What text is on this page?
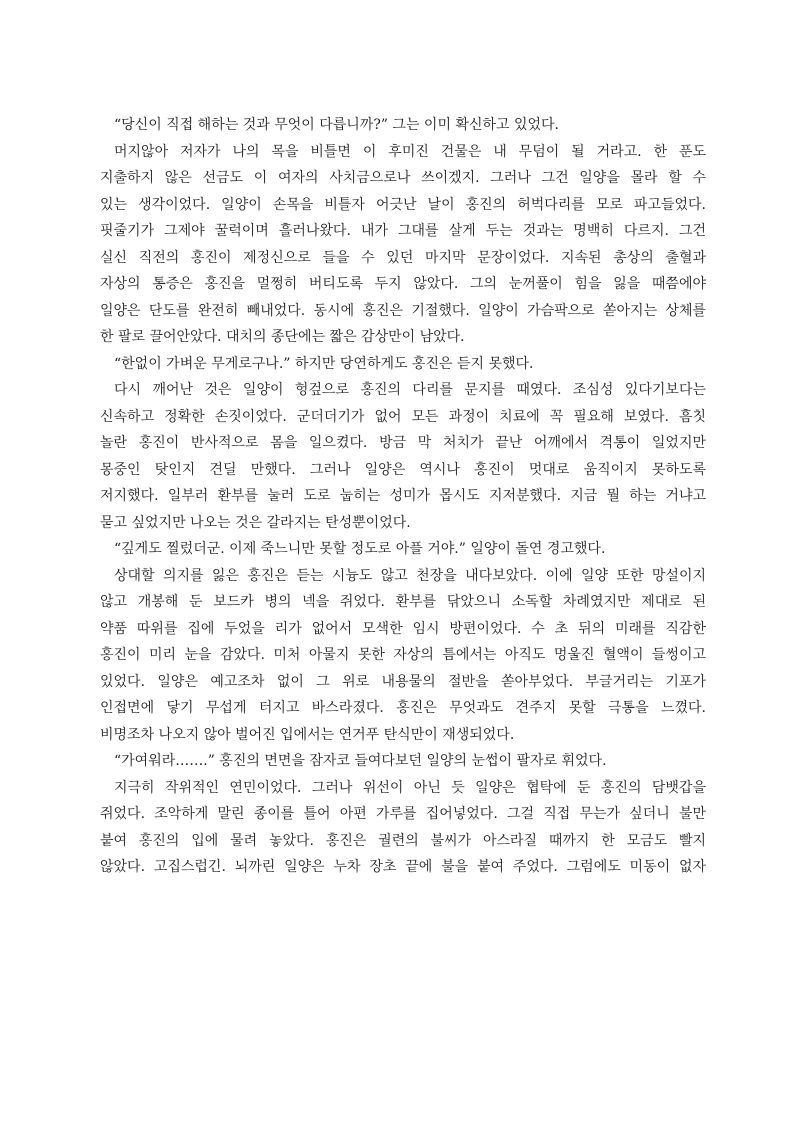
“당신이 직접 해하는 것과 무엇이 다릅니까?” 그는 이미 확신하고 있었다.
머지않아 저자가 나의 목을 비틀면 이 후미진 건물은 내 무덤이 될 거라고. 한 푼도
지출하지 않은 선금도 이 여자의 사치금으로나 쓰이겠지. 그러나 그건 일양을 몰라 할 수
있는 생각이었다. 일양이 손목을 비틀자 어긋난 날이 홍진의 허벅다리를 모로 파고들었다.
핏줄기가 그제야 꿀럭이며 흘러나왔다. 내가 그대를 살게 두는 것과는 명백히 다르지. 그건
실신 직전의 홍진이 제정신으로 들을 수 있던 마지막 문장이었다. 지속된 총상의 출혈과
자상의 통증은 홍진을 멀쩡히 버티도록 두지 않았다. 그의 눈꺼풀이 힘을 잃을 때쯤에야
일양은 단도를 완전히 빼내었다. 동시에 홍진은 기절했다. 일양이 가슴팍으로 쏟아지는 상체를
한 팔로 끌어안았다. 대치의 종단에는 짧은 감상만이 남았다.
“한없이 가벼운 무게로구나.” 하지만 당연하게도 홍진은 듣지 못했다.
다시 깨어난 것은 일양이 헝겊으로 홍진의 다리를 문지를 때였다. 조심성 있다기보다는
신속하고 정확한 손짓이었다. 군더더기가 없어 모든 과정이 치료에 꼭 필요해 보였다. 흠칫
놀란 홍진이 반사적으로 몸을 일으켰다. 방금 막 처치가 끝난 어깨에서 격통이 일었지만
몽중인 탓인지 견딜 만했다. 그러나 일양은 역시나 홍진이 멋대로 움직이지 못하도록
저지했다. 일부러 환부를 눌러 도로 눕히는 성미가 몹시도 지저분했다. 지금 뭘 하는 거냐고
묻고 싶었지만 나오는 것은 갈라지는 탄성뿐이었다.
“깊게도 찔렀더군. 이제 죽느니만 못할 정도로 아플 거야.” 일양이 돌연 경고했다.
상대할 의지를 잃은 홍진은 듣는 시늉도 않고 천장을 내다보았다. 이에 일양 또한 망설이지
않고 개봉해 둔 보드카 병의 넥을 쥐었다. 환부를 닦았으니 소독할 차례였지만 제대로 된
약품 따위를 집에 두었을 리가 없어서 모색한 임시 방편이었다. 수 초 뒤의 미래를 직감한
홍진이 미리 눈을 감았다. 미처 아물지 못한 자상의 틈에서는 아직도 멍울진 혈액이 들썽이고
있었다. 일양은 예고조차 없이 그 위로 내용물의 절반을 쏟아부었다. 부글거리는 기포가
인접면에 닿기 무섭게 터지고 바스라졌다. 홍진은 무엇과도 견주지 못할 극통을 느꼈다.
비명조차 나오지 않아 벌어진 입에서는 연거푸 탄식만이 재생되었다.
“가여워라…….” 홍진의 면면을 잠자코 들여다보던 일양의 눈썹이 팔자로 휘었다.
지극히 작위적인 연민이었다. 그러나 위선이 아닌 듯 일양은 협탁에 둔 홍진의 담뱃갑을
쥐었다. 조악하게 말린 종이를 틀어 아편 가루를 집어넣었다. 그걸 직접 무는가 싶더니 불만
붙여 홍진의 입에 물려 놓았다. 홍진은 궐련의 불씨가 아스라질 때까지 한 모금도 빨지
않았다. 고집스럽긴. 뇌까린 일양은 누차 장초 끝에 불을 붙여 주었다. 그럼에도 미동이 없자
